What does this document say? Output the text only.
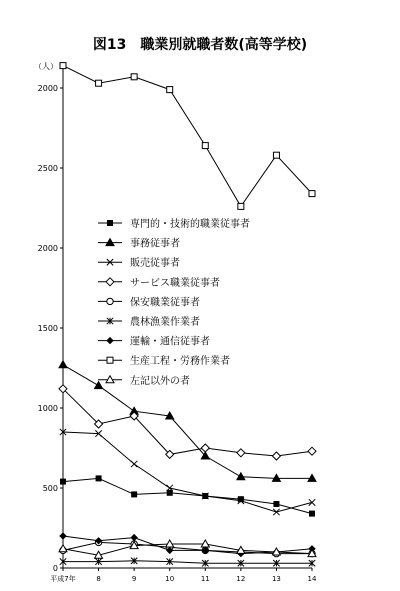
図13　職業別就職者数(高等学校)
0
500
1000
1500
2000
2500
2000
（人）
平成7年	8	9	10	11	12	13	14
専門的・技術的職業従事者
事務従事者
販売従事者
サービス職業従事者
保安職業従事者
農林漁業作業者
運輸・通信従事者
生産工程・労務作業者
左記以外の者
